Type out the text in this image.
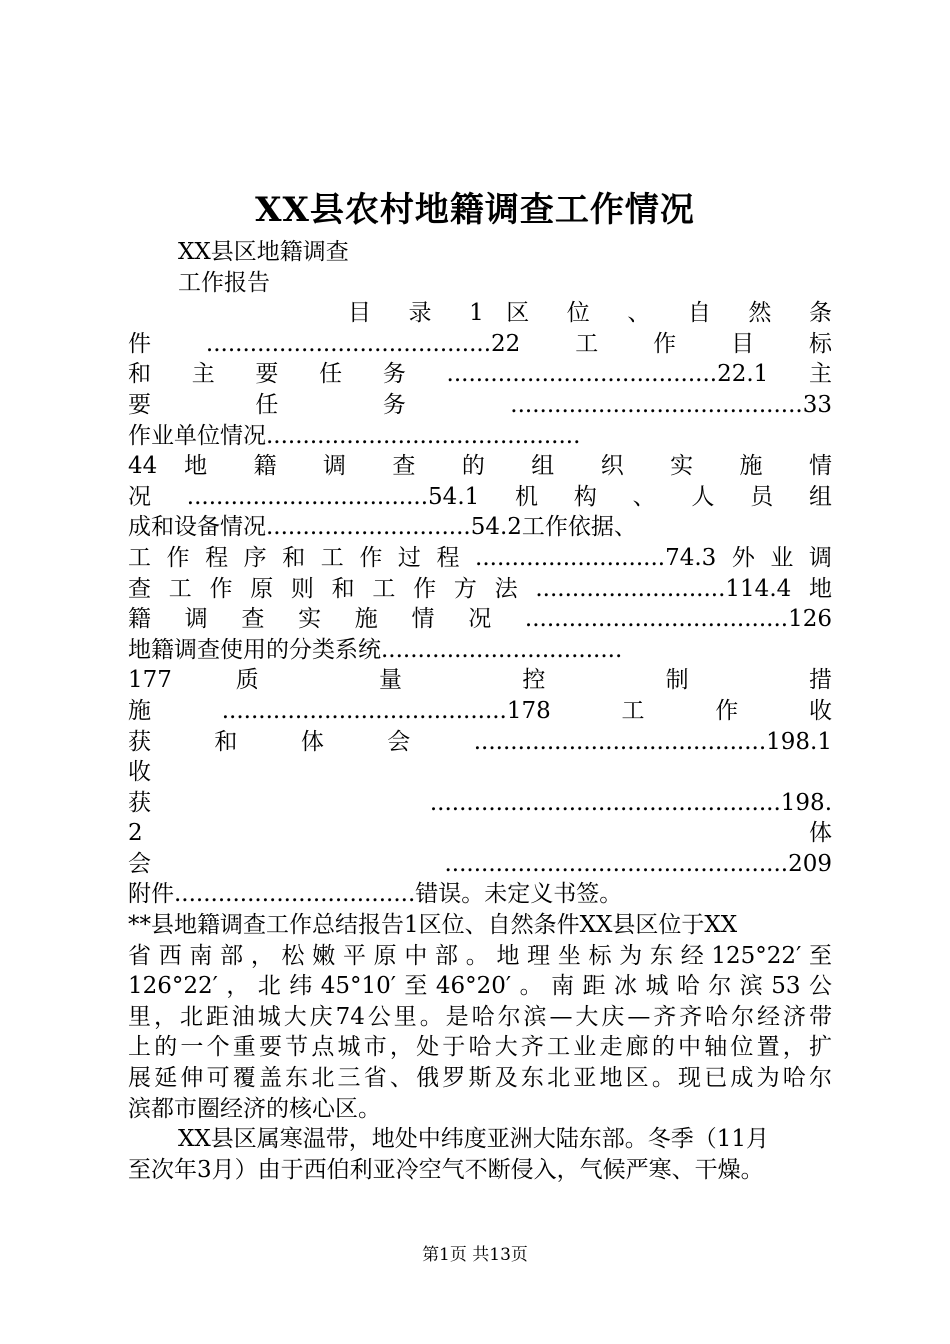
XX县农村地籍调查工作情况
XX县区地籍调查
工作报告
目 录 1 区 位 、 自 然 条
件.......................................22工作目标
和主要任务.....................................22.1主
要 任 务 ........................................33
作业单位情况...........................................
44 地 籍 调 查 的 组 织 实 施 情
况.................................54.1机构、人员组
成和设备情况............................54.2工作依据、
工作程序和工作过程..........................74.3外业调
查工作原则和工作方法..........................114.4地
籍调查实施情况....................................126
地籍调查使用的分类系统.................................
177 质 量 控 制 措
施.......................................178工作收
获和体会........................................198.1
收
获................................................198.
2 体
会 ...............................................209
附件.................................错误。未定义书签。
**县地籍调查工作总结报告1区位、自然条件XX县区位于XX
省西南部，松嫩平原中部。地理坐标为东经125°22′至
126°22′，北纬45°10′至46°20′。南距冰城哈尔滨53公
里，北距油城大庆74公里。是哈尔滨—大庆—齐齐哈尔经济带
上的一个重要节点城市，处于哈大齐工业走廊的中轴位置，扩
展延伸可覆盖东北三省、俄罗斯及东北亚地区。现已成为哈尔
滨都市圈经济的核心区。
XX县区属寒温带，地处中纬度亚洲大陆东部。冬季（11月
至次年3月）由于西伯利亚冷空气不断侵入，气候严寒、干燥。
第1页 共13页
